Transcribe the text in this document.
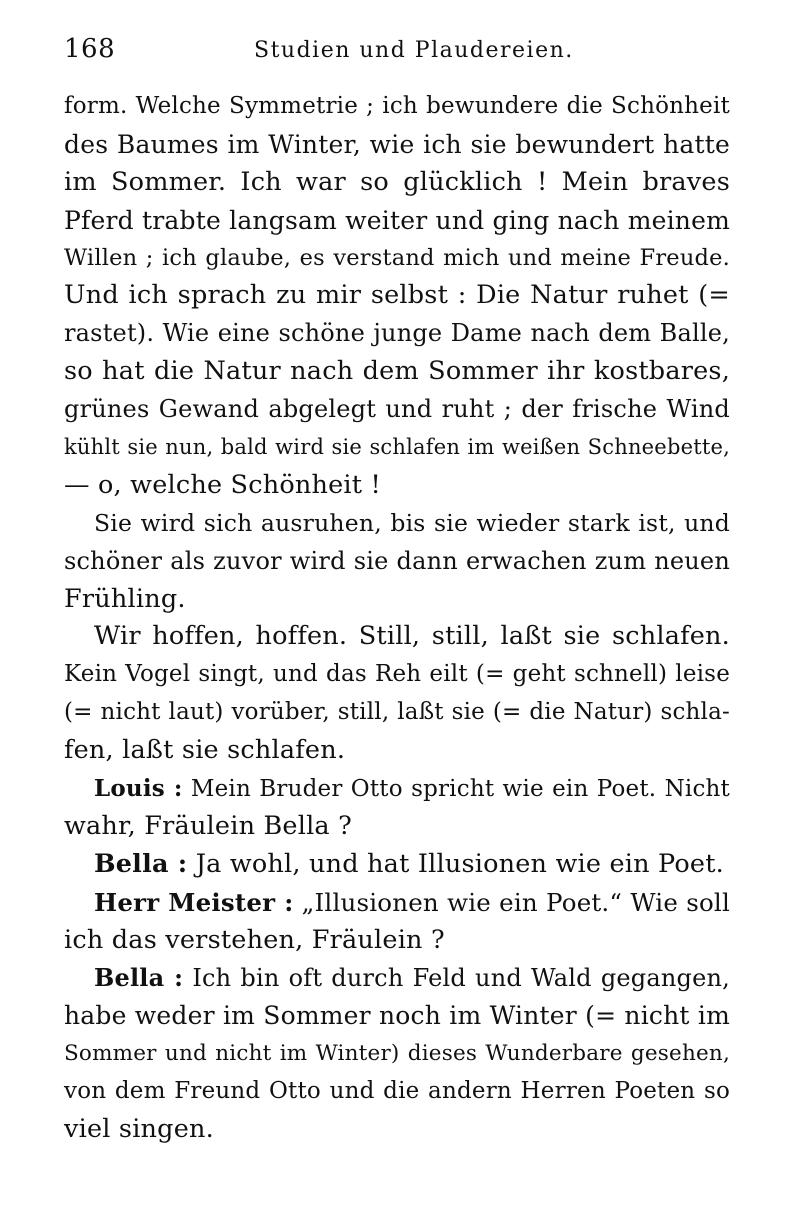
168	Studien und Plaudereien.
form. Welche Symmetrie ; ich bewundere die Schönheit
des Baumes im Winter, wie ich sie bewundert hatte
im Sommer. Ich war so glücklich ! Mein braves
Pferd trabte langsam weiter und ging nach meinem
Willen ; ich glaube, es verstand mich und meine Freude.
Und ich sprach zu mir selbst : Die Natur ruhet (=
rastet). Wie eine schöne junge Dame nach dem Balle,
so hat die Natur nach dem Sommer ihr kostbares,
grünes Gewand abgelegt und ruht ; der frische Wind
kühlt sie nun, bald wird sie schlafen im weißen Schneebette,
— o, welche Schönheit !
Sie wird sich ausruhen, bis sie wieder stark ist, und
schöner als zuvor wird sie dann erwachen zum neuen
Frühling.
Wir hoffen, hoffen. Still, still, laßt sie schlafen.
Kein Vogel singt, und das Reh eilt (= geht schnell) leise
(= nicht laut) vorüber, still, laßt sie (= die Natur) schla-
fen, laßt sie schlafen.
Louis : Mein Bruder Otto spricht wie ein Poet. Nicht
wahr, Fräulein Bella ?
Bella : Ja wohl, und hat Illusionen wie ein Poet.
Herr Meister : „Illusionen wie ein Poet.“ Wie soll
ich das verstehen, Fräulein ?
Bella : Ich bin oft durch Feld und Wald gegangen,
habe weder im Sommer noch im Winter (= nicht im
Sommer und nicht im Winter) dieses Wunderbare gesehen,
von dem Freund Otto und die andern Herren Poeten so
viel singen.
